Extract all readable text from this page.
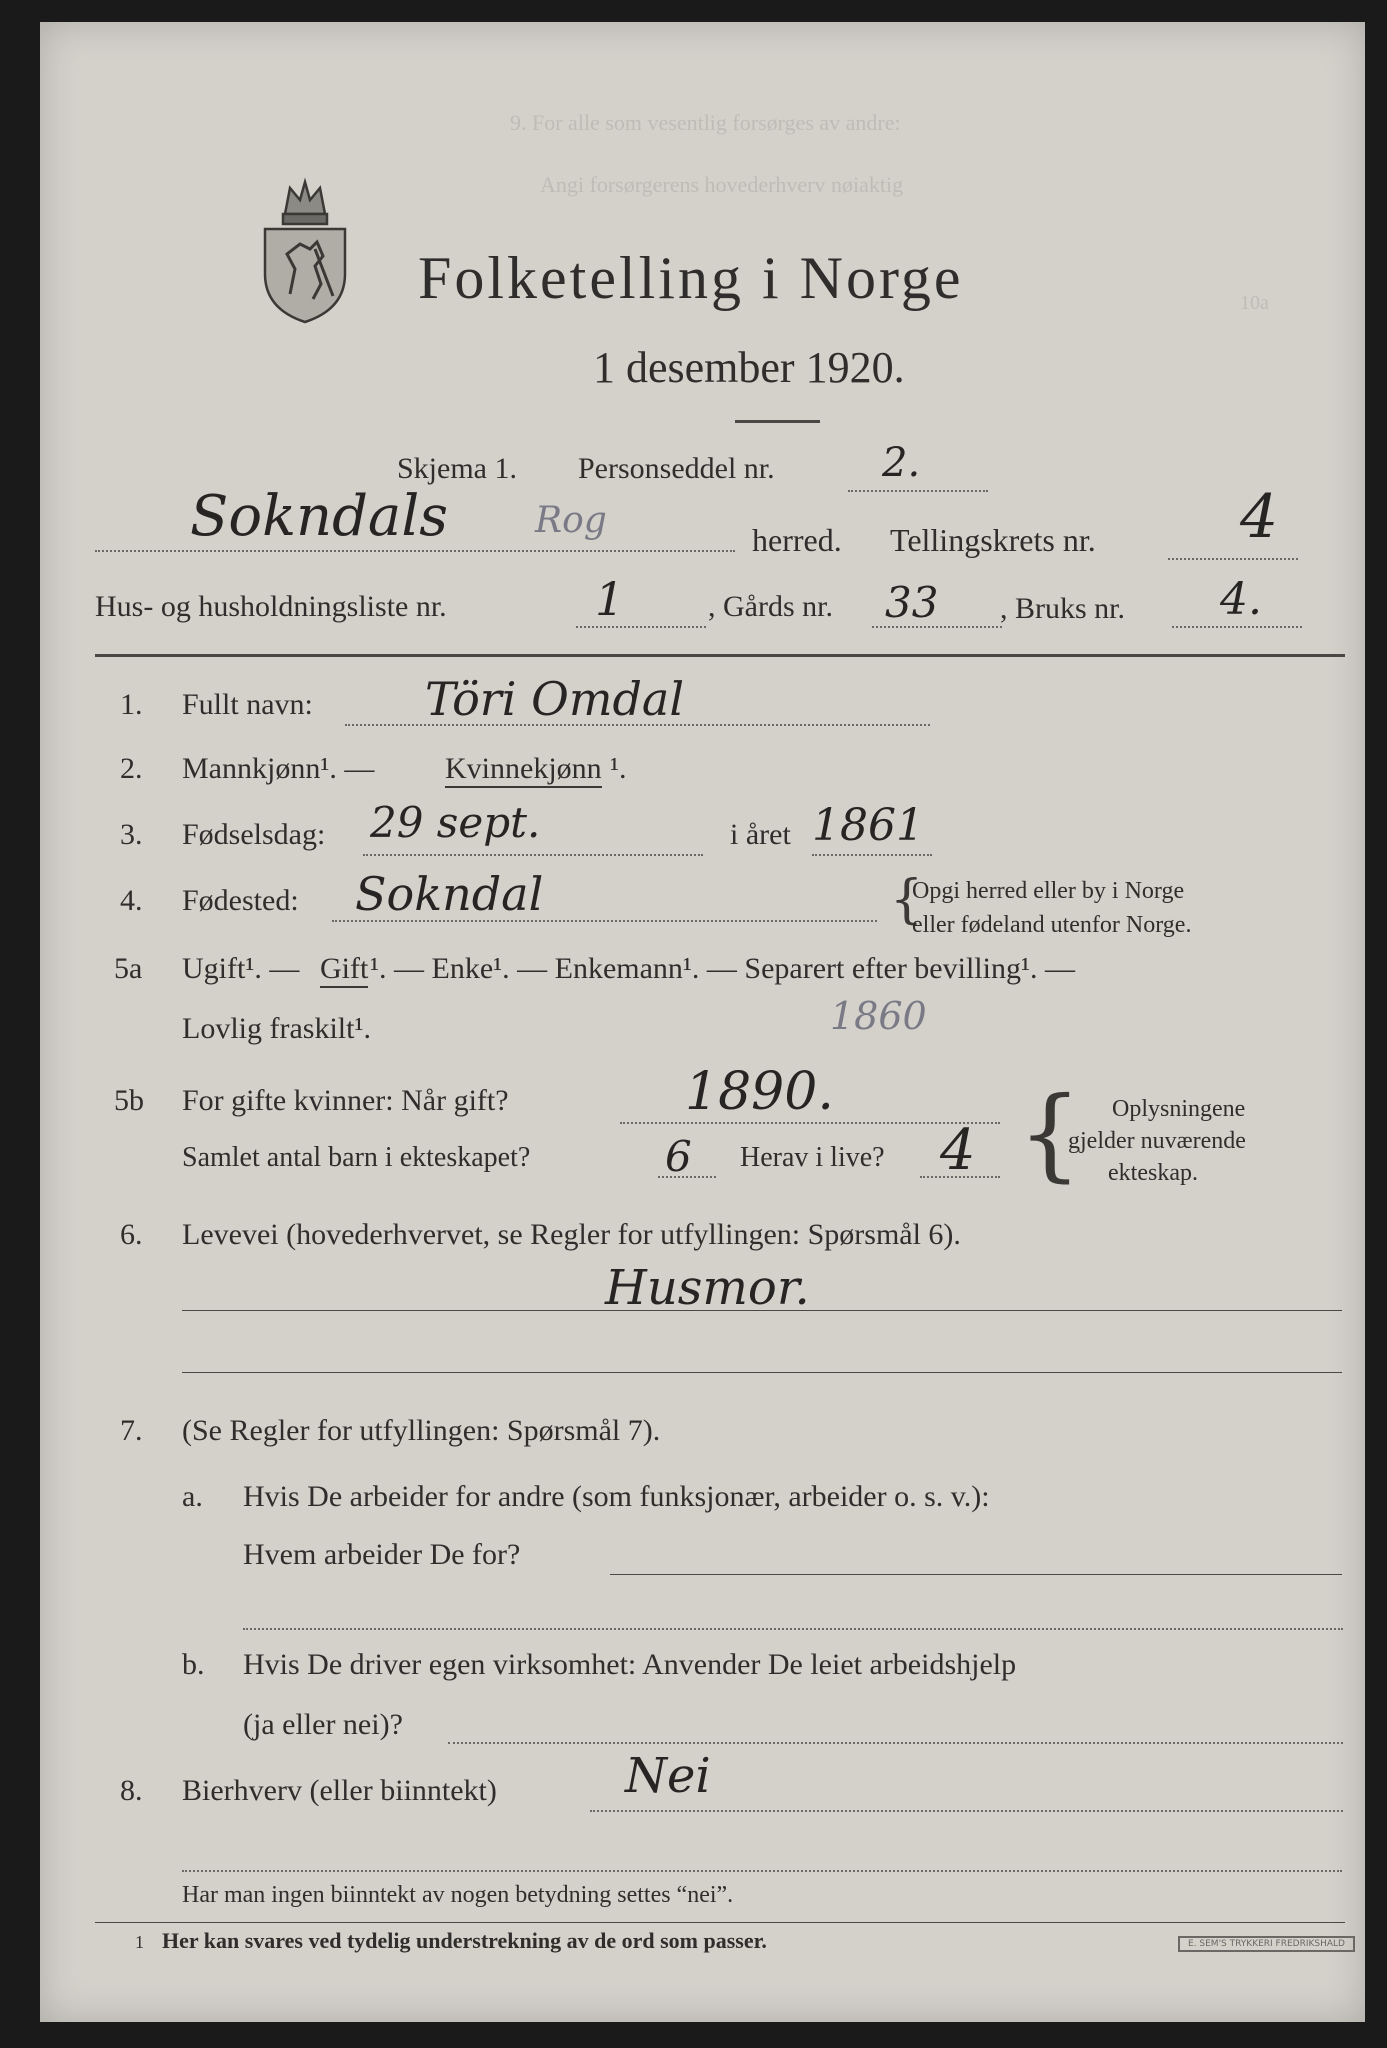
9. For alle som vesentlig forsørges av andre:
Angi forsørgerens hovederhverv nøiaktig
10a
Folketelling i Norge
1 desember 1920.
Skjema 1. Personseddel nr.	2.
Sokndals Rog	herred. Tellingskrets nr. 4
Hus- og husholdningsliste nr.	1	, Gårds nr. 33 , Bruks nr. 4.
1. Fullt navn: Töri Omdal
2. Mannkjønn¹. — Kvinnekjønn ¹.
3. Fødselsdag: 29 sept.	i året 1861
4. Fødested: Sokndal	{
Opgi herred eller by i Norge
eller fødeland utenfor Norge.
5a Ugift¹. — Gift ¹. — Enke¹. — Enkemann¹. — Separert efter bevilling¹. —
Lovlig fraskilt¹.	1860
5b For gifte kvinner: Når gift?	1890.
Samlet antal barn i ekteskapet?	6 Herav i live? 4 { Oplysningene
gjelder nuværende
ekteskap.
6. Levevei (hovederhvervet, se Regler for utfyllingen: Spørsmål 6).
Husmor.
7. (Se Regler for utfyllingen: Spørsmål 7).
a. Hvis De arbeider for andre (som funksjonær, arbeider o. s. v.):
Hvem arbeider De for?
b. Hvis De driver egen virksomhet: Anvender De leiet arbeidshjelp
(ja eller nei)?
8. Bierhverv (eller biinntekt)	Nei
Har man ingen biinntekt av nogen betydning settes “nei”.
1 Her kan svares ved tydelig understrekning av de ord som passer.	E. SEM'S TRYKKERI FREDRIKSHALD
